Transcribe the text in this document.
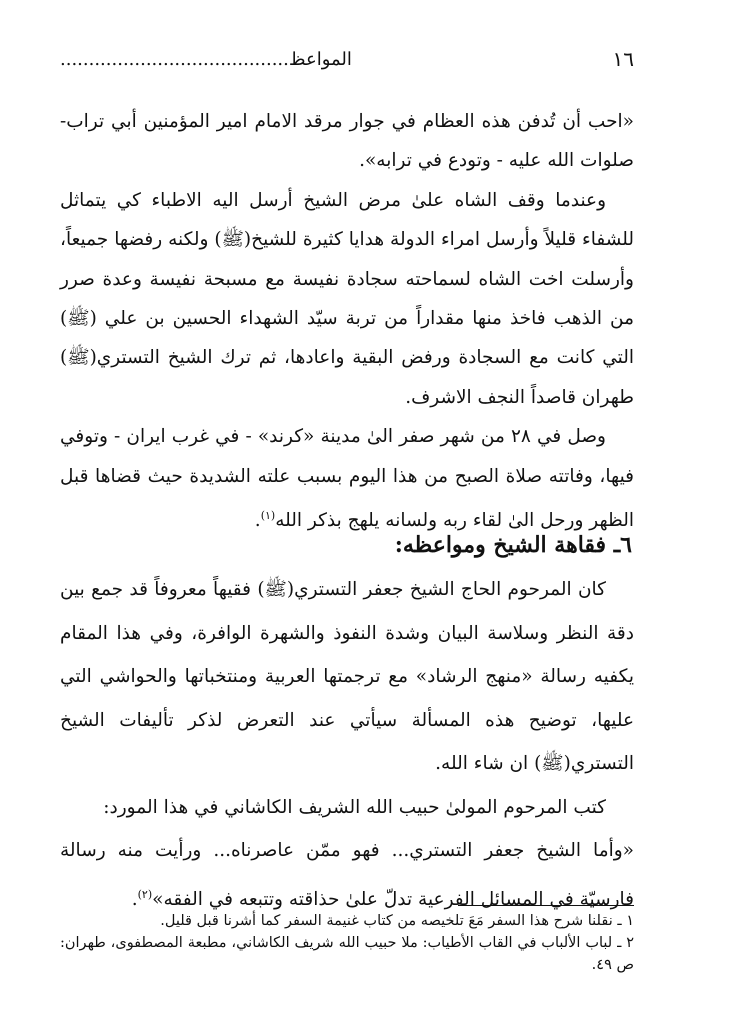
١٦
المواعظ........................................

«احب أن تُدفن هذه العظام في جوار مرقد الامام امير المؤمنين أبي تراب- صلوات الله عليه - وتودع في ترابه».

وعندما وقف الشاه علىٰ مرض الشيخ أرسل اليه الاطباء كي يتماثل للشفاء قليلاً وأرسل امراء الدولة هدايا كثيرة للشيخ(ﷺ) ولكنه رفضها جميعاً، وأرسلت اخت الشاه لسماحته سجادة نفيسة مع مسبحة نفيسة وعدة صرر من الذهب فاخذ منها مقداراً من تربة سيّد الشهداء الحسين بن علي (ﷺ) التي كانت مع السجادة ورفض البقية واعادها، ثم ترك الشيخ التستري(ﷺ) طهران قاصداً النجف الاشرف.

وصل في ٢٨ من شهر صفر الىٰ مدينة «كرند» - في غرب ايران - وتوفي فيها، وفاتته صلاة الصبح من هذا اليوم بسبب علته الشديدة حيث قضاها قبل الظهر ورحل الىٰ لقاء ربه ولسانه يلهج بذكر الله$^{(١)}$.

٦ـ فقاهة الشيخ ومواعظه:

كان المرحوم الحاج الشيخ جعفر التستري(ﷺ) فقيهاً معروفاً قد جمع بين دقة النظر وسلاسة البيان وشدة النفوذ والشهرة الوافرة، وفي هذا المقام يكفيه رسالة «منهج الرشاد» مع ترجمتها العربية ومنتخباتها والحواشي التي عليها، توضيح هذه المسألة سيأتي عند التعرض لذكر تأليفات الشيخ التستري(ﷺ) ان شاء الله.

كتب المرحوم المولىٰ حبيب الله الشريف الكاشاني في هذا المورد:

«وأما الشيخ جعفر التستري... فهو ممّن عاصرناه... ورأيت منه رسالة فارسيّة في المسائل الفرعية تدلّ علىٰ حذاقته وتتبعه في الفقه»$^{(٢)}$.

١ ـ نقلنا شرح هذا السفر مَعَ تلخيصه من كتاب غنيمة السفر كما أشرنا قبل قليل.

٢ ـ لباب الألباب في القاب الأطياب: ملا حبيب الله شريف الكاشاني، مطبعة المصطفوى، طهران: ص ٤٩.
